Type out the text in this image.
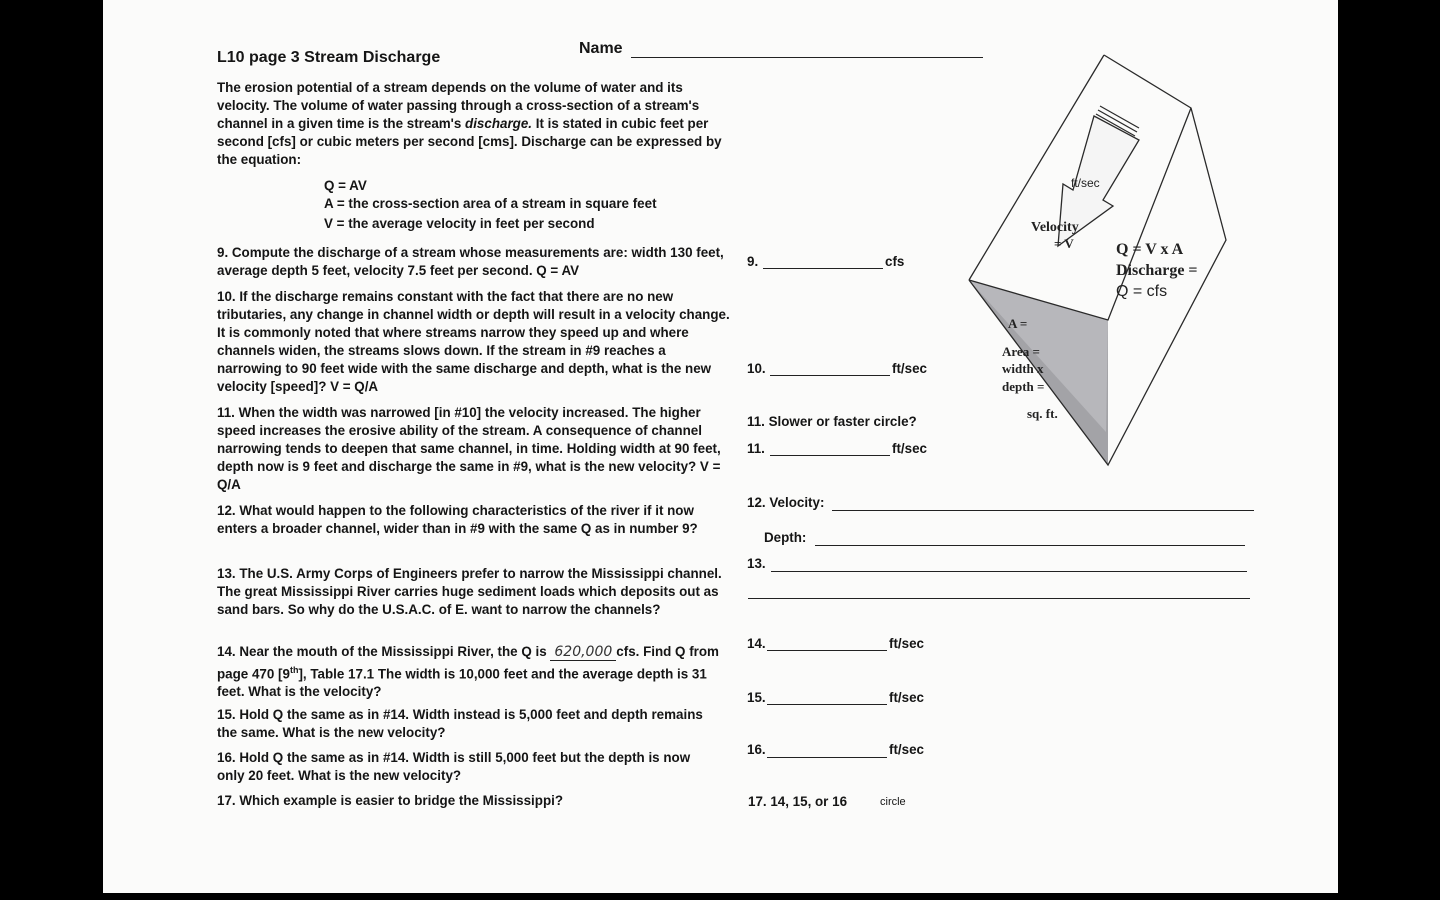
L10 page 3 Stream Discharge
Name
The erosion potential of a stream depends on the volume of water and its velocity. The volume of water passing through a cross-section of a stream's channel in a given time is the stream's discharge. It is stated in cubic feet per second [cfs] or cubic meters per second [cms]. Discharge can be expressed by the equation:
Q = AV
A = the cross-section area of a stream in square feet
V = the average velocity in feet per second
9. Compute the discharge of a stream whose measurements are: width 130 feet, average depth 5 feet, velocity 7.5 feet per second. Q = AV
10. If the discharge remains constant with the fact that there are no new tributaries, any change in channel width or depth will result in a velocity change. It is commonly noted that where streams narrow they speed up and where channels widen, the streams slows down. If the stream in #9 reaches a narrowing to 90 feet wide with the same discharge and depth, what is the new velocity [speed]? V = Q/A
11. When the width was narrowed [in #10] the velocity increased. The higher speed increases the erosive ability of the stream. A consequence of channel narrowing tends to deepen that same channel, in time. Holding width at 90 feet, depth now is 9 feet and discharge the same in #9, what is the new velocity? V = Q/A
12. What would happen to the following characteristics of the river if it now enters a broader channel, wider than in #9 with the same Q as in number 9?
13. The U.S. Army Corps of Engineers prefer to narrow the Mississippi channel. The great Mississippi River carries huge sediment loads which deposits out as sand bars. So why do the U.S.A.C. of E. want to narrow the channels?
14. Near the mouth of the Mississippi River, the Q is 620,000 cfs. Find Q from page 470 [9th], Table 17.1 The width is 10,000 feet and the average depth is 31 feet. What is the velocity?
15. Hold Q the same as in #14. Width instead is 5,000 feet and depth remains the same. What is the new velocity?
16. Hold Q the same as in #14. Width is still 5,000 feet but the depth is now only 20 feet. What is the new velocity?
17. Which example is easier to bridge the Mississippi?
9.	cfs
10.	ft/sec
11. Slower or faster circle?
11.	ft/sec
12. Velocity:
Depth:
13.
14.	ft/sec
15.	ft/sec
16.	ft/sec
17. 14, 15, or 16	circle
ft/sec
Velocity
= V	Q = V x A
Discharge =
Q = cfs
A =
Area =
width x
depth =
sq. ft.
